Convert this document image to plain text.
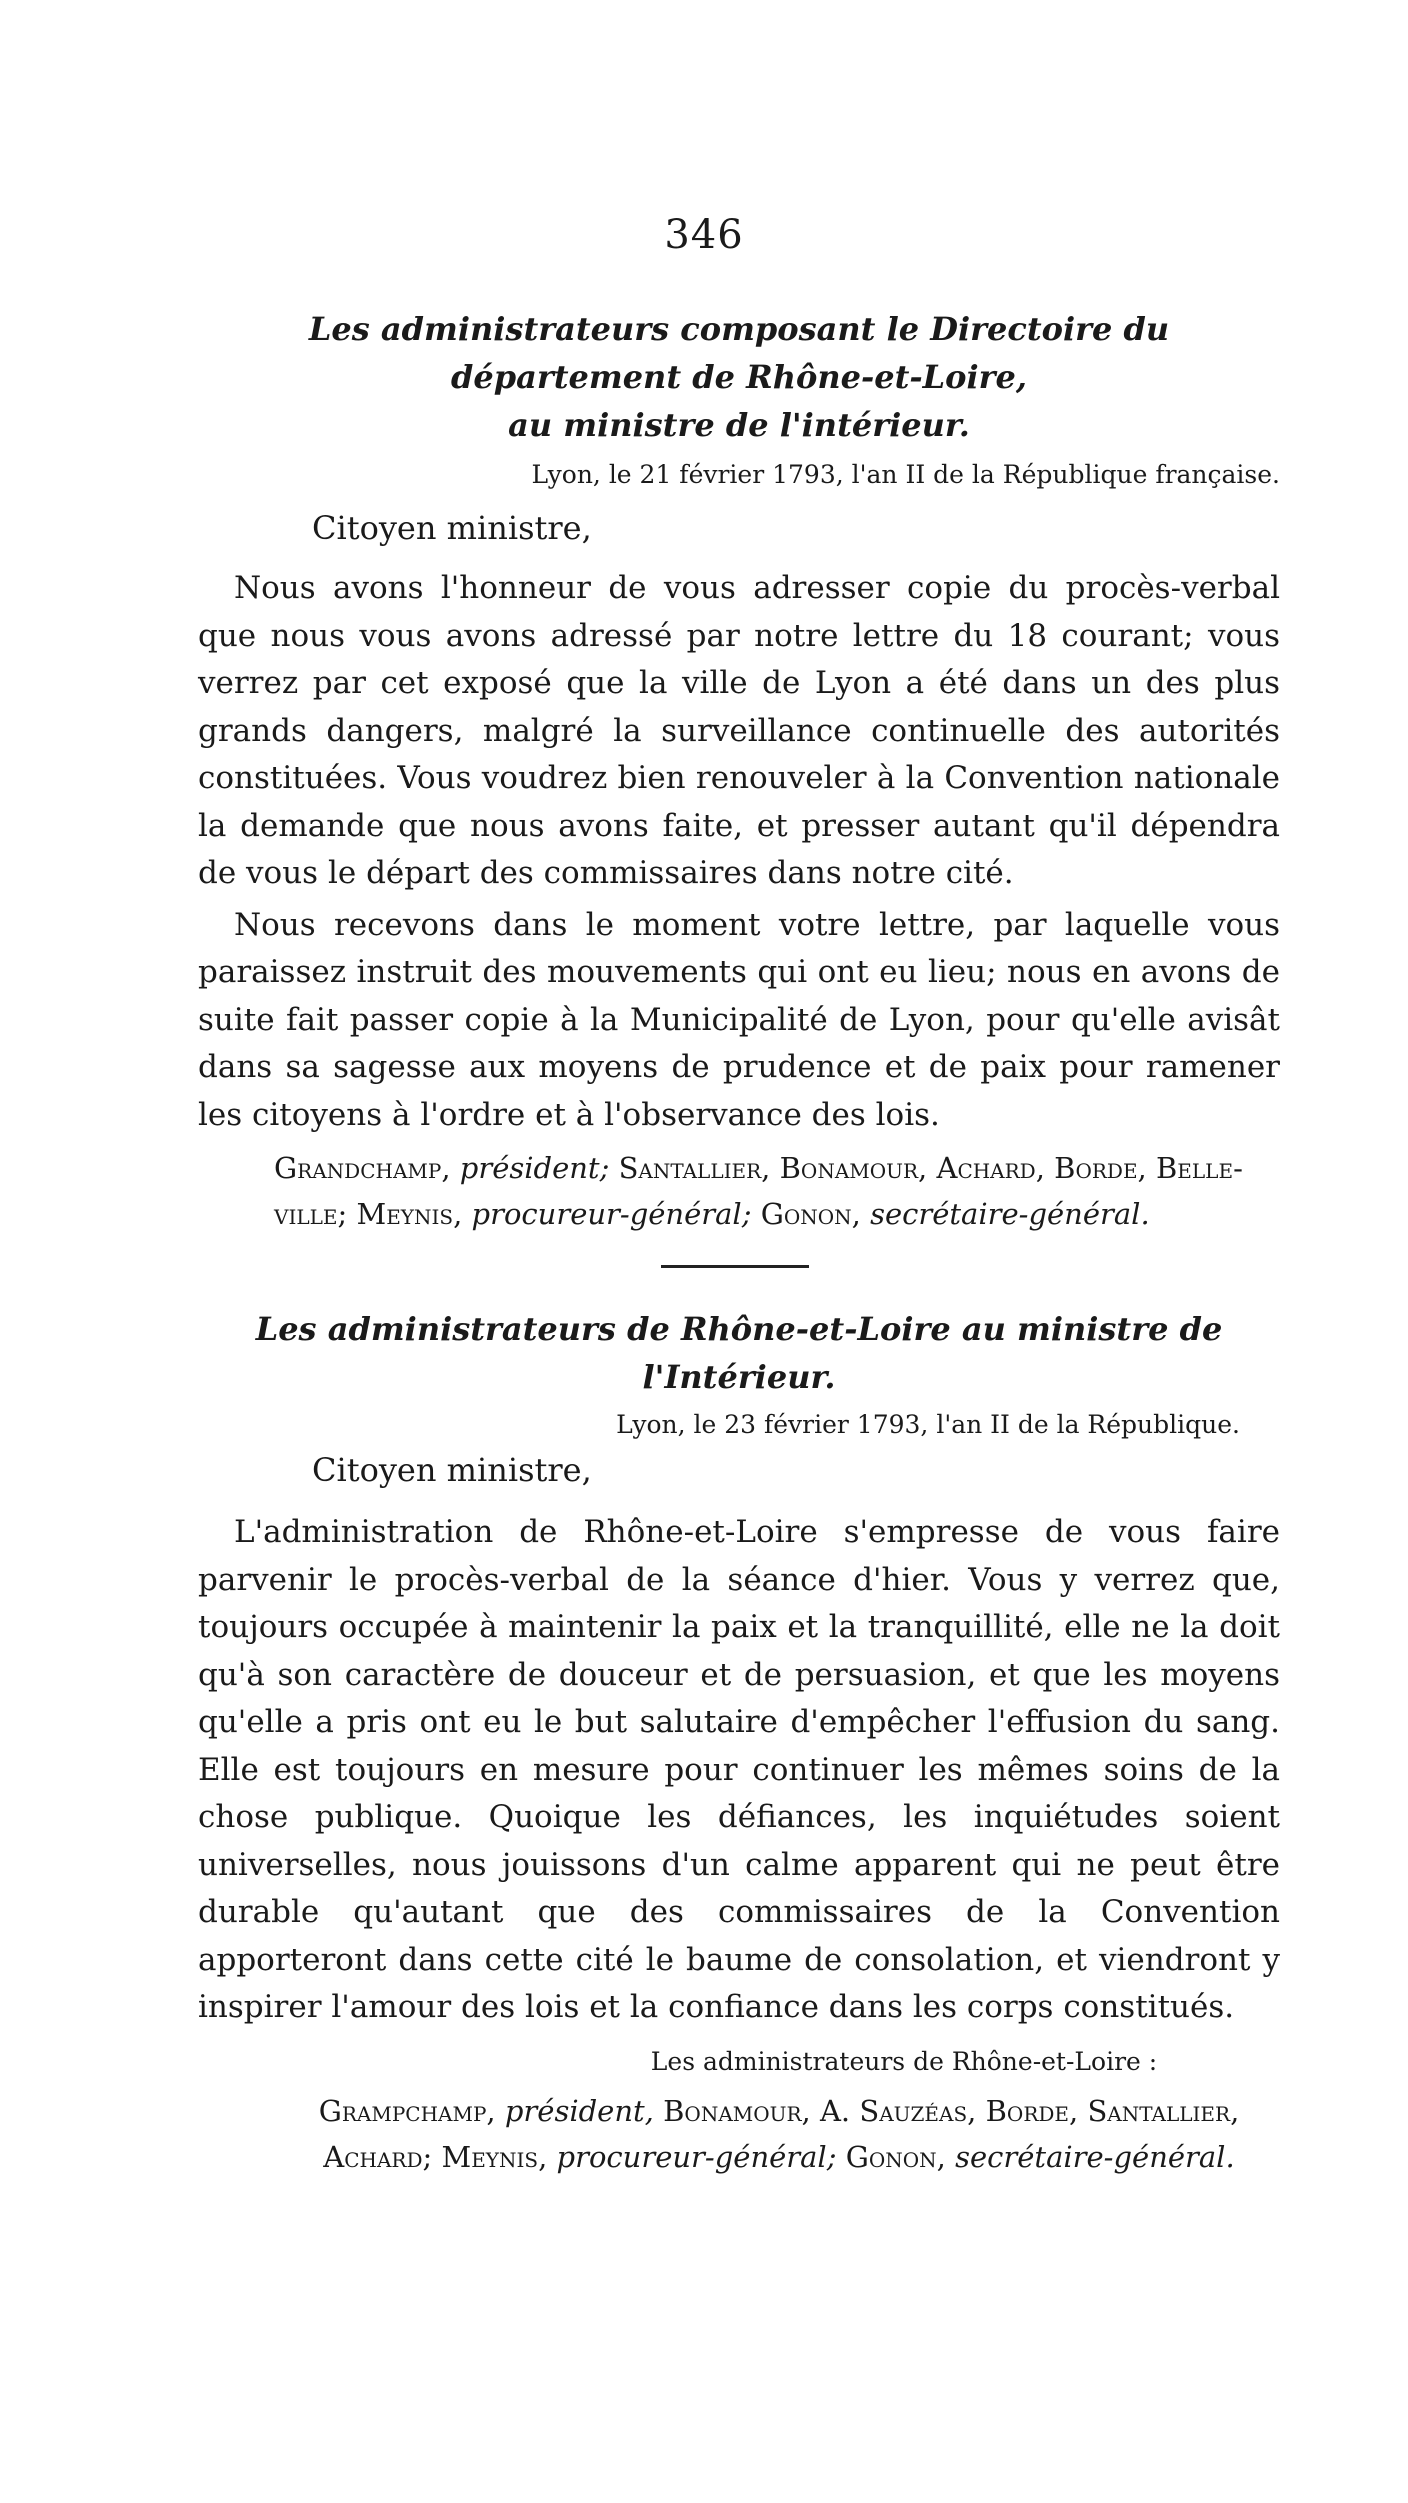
346
Les administrateurs composant le Directoire du département de Rhône-et-Loire,
au ministre de l'intérieur.
Lyon, le 21 février 1793, l'an II de la République française.
Citoyen ministre,

Nous avons l'honneur de vous adresser copie du procès-verbal que nous vous avons adressé par notre lettre du 18 courant; vous verrez par cet exposé que la ville de Lyon a été dans un des plus grands dangers, malgré la surveillance continuelle des autorités constituées. Vous voudrez bien renouveler à la Convention nationale la demande que nous avons faite, et presser autant qu'il dépendra de vous le départ des commissaires dans notre cité.

Nous recevons dans le moment votre lettre, par laquelle vous paraissez instruit des mouvements qui ont eu lieu; nous en avons de suite fait passer copie à la Municipalité de Lyon, pour qu'elle avisât dans sa sagesse aux moyens de prudence et de paix pour ramener les citoyens à l'ordre et à l'observance des lois.

Grandchamp, président; Santallier, Bonamour, Achard, Borde, Belle-
ville; Meynis, procureur-général; Gonon, secrétaire-général.
Les administrateurs de Rhône-et-Loire au ministre de l'Intérieur.
Lyon, le 23 février 1793, l'an II de la République.
Citoyen ministre,

L'administration de Rhône-et-Loire s'empresse de vous faire parvenir le procès-verbal de la séance d'hier. Vous y verrez que, toujours occupée à maintenir la paix et la tranquillité, elle ne la doit qu'à son caractère de douceur et de persuasion, et que les moyens qu'elle a pris ont eu le but salutaire d'empêcher l'effusion du sang. Elle est toujours en mesure pour continuer les mêmes soins de la chose publique. Quoique les défiances, les inquiétudes soient universelles, nous jouissons d'un calme apparent qui ne peut être durable qu'autant que des commissaires de la Convention apporteront dans cette cité le baume de consolation, et viendront y inspirer l'amour des lois et la confiance dans les corps constitués.

Les administrateurs de Rhône-et-Loire :
Grampchamp, président, Bonamour, A. Sauzéas, Borde, Santallier,
Achard; Meynis, procureur-général; Gonon, secrétaire-général.
